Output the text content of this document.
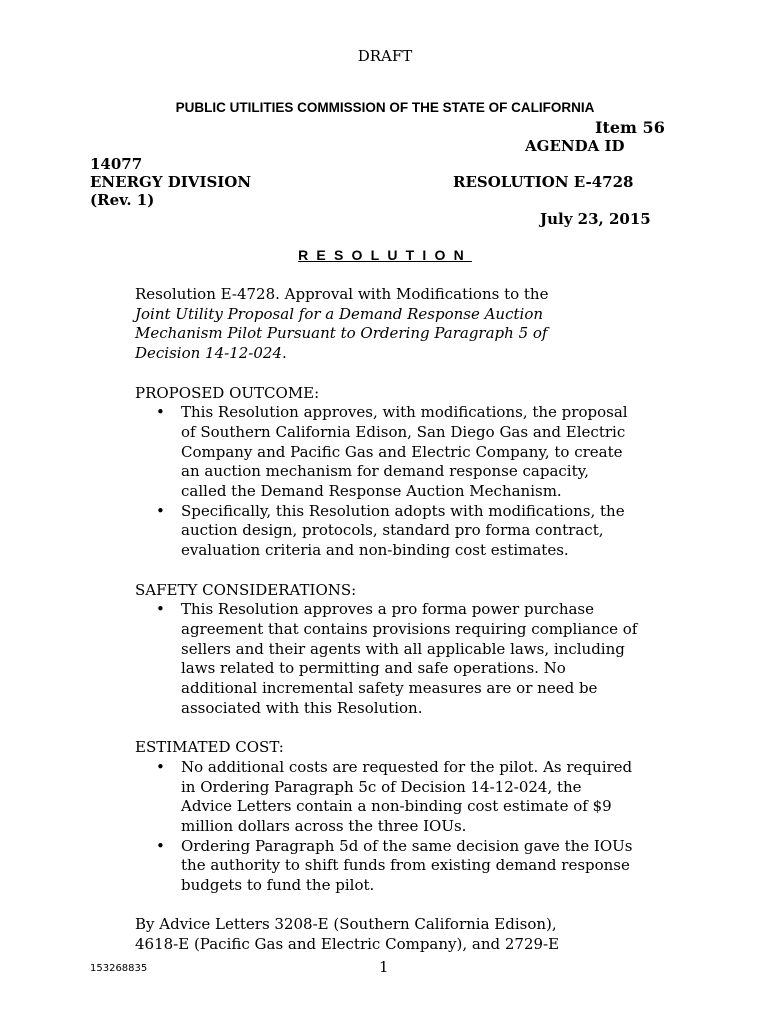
DRAFT
PUBLIC UTILITIES COMMISSION OF THE STATE OF CALIFORNIA
Item 56
AGENDA ID
14077
ENERGY DIVISION	RESOLUTION E-4728
(Rev. 1)
July 23, 2015
RESOLUTION

Resolution E-4728. Approval with Modifications to the
Joint Utility Proposal for a Demand Response Auction
Mechanism Pilot Pursuant to Ordering Paragraph 5 of
Decision 14-12-024.

PROPOSED OUTCOME:

• This Resolution approves, with modifications, the proposal
of Southern California Edison, San Diego Gas and Electric
Company and Pacific Gas and Electric Company, to create
an auction mechanism for demand response capacity,
called the Demand Response Auction Mechanism.
• Specifically, this Resolution adopts with modifications, the
auction design, protocols, standard pro forma contract,
evaluation criteria and non-binding cost estimates.

SAFETY CONSIDERATIONS:

• This Resolution approves a pro forma power purchase
agreement that contains provisions requiring compliance of
sellers and their agents with all applicable laws, including
laws related to permitting and safe operations. No
additional incremental safety measures are or need be
associated with this Resolution.

ESTIMATED COST:

• No additional costs are requested for the pilot. As required
in Ordering Paragraph 5c of Decision 14-12-024, the
Advice Letters contain a non-binding cost estimate of $9
million dollars across the three IOUs.
• Ordering Paragraph 5d of the same decision gave the IOUs
the authority to shift funds from existing demand response
budgets to fund the pilot.

By Advice Letters 3208-E (Southern California Edison),
4618-E (Pacific Gas and Electric Company), and 2729-E

153268835	1
